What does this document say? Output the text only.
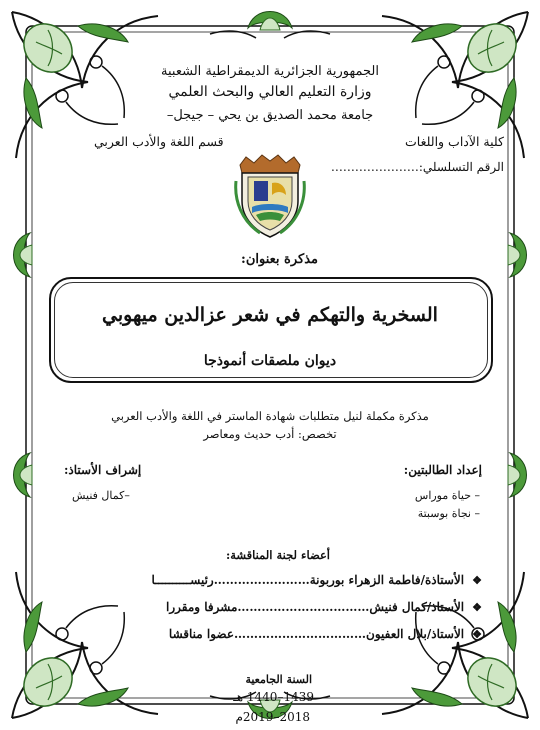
الجمهورية الجزائرية الديمقراطية الشعبية
وزارة التعليم العالي والبحث العلمي
جامعة محمد الصديق بن يحي – جيجل–
كلية الآداب واللغات
قسم اللغة والأدب العربي
الرقم التسلسلي:………………….
مذكرة بعنوان:
السخرية والتهكم في شعر عزالدين ميهوبي
ديوان ملصقات أنموذجا
مذكرة مكملة لنيل متطلبات شهادة الماستر في اللغة والأدب العربي
تخصص: أدب حديث ومعاصر
إعداد الطالبتين:
إشراف الأستاذ:
– حياة موراس
– نجاة بوسبتة
–كمال فنيش
أعضاء لجنة المناقشة:
❖الأستاذة/فاطمة الزهراء بوربونة……………………رئيســــــــــا
❖الأستاذ/كمال فنيش……………………………مشرفا ومقررا
❖الأستاذ/بلال العفيون……………………………عضوا مناقشا
السنة الجامعية
1439–1440 هـ
2018–2019م
